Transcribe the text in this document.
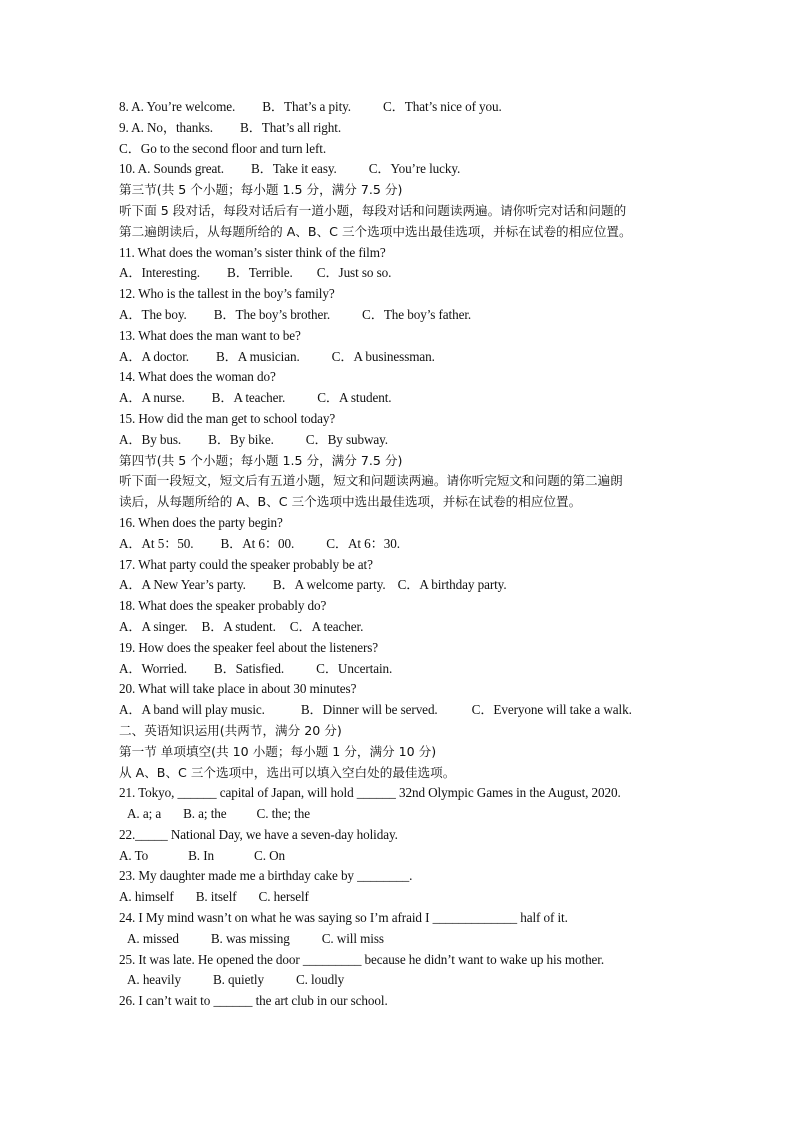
8. A. You’re welcome. B．That’s a pity. C．That’s nice of you.
9. A. No，thanks. B．That’s all right.
C．Go to the second floor and turn left.
10. A. Sounds great. B．Take it easy. C．You’re lucky.
第三节(共 5 个小题；每小题 1.5 分，满分 7.5 分)
听下面 5 段对话，每段对话后有一道小题，每段对话和问题读两遍。请你听完对话和问题的
第二遍朗读后，从每题所给的 A、B、C 三个选项中选出最佳选项，并标在试卷的相应位置。
11. What does the woman’s sister think of the film?
A．Interesting. B．Terrible. C．Just so so.
12. Who is the tallest in the boy’s family?
A．The boy. B．The boy’s brother. C．The boy’s father.
13. What does the man want to be?
A．A doctor. B．A musician. C．A businessman.
14. What does the woman do?
A．A nurse. B．A teacher. C．A student.
15. How did the man get to school today?
A．By bus. B．By bike. C．By subway.
第四节(共 5 个小题；每小题 1.5 分，满分 7.5 分)
听下面一段短文，短文后有五道小题，短文和问题读两遍。请你听完短文和问题的第二遍朗
读后，从每题所给的 A、B、C 三个选项中选出最佳选项，并标在试卷的相应位置。
16. When does the party begin?
A．At 5：50. B．At 6：00. C．At 6：30.
17. What party could the speaker probably be at?
A．A New Year’s party. B．A welcome party. C．A birthday party.
18. What does the speaker probably do?
A．A singer. B．A student. C．A teacher.
19. How does the speaker feel about the listeners?
A．Worried. B．Satisfied. C．Uncertain.
20. What will take place in about 30 minutes?
A．A band will play music.	B．Dinner will be served.	C．Everyone will take a walk.
二、英语知识运用(共两节，满分 20 分)
第一节 单项填空(共 10 小题；每小题 1 分，满分 10 分)
从 A、B、C 三个选项中，选出可以填入空白处的最佳选项。
21. Tokyo, ______ capital of Japan, will hold ______ 32nd Olympic Games in the August, 2020.
A. a; a B. a; the C. the; the
22._____ National Day, we have a seven-day holiday.
A. To	B. In	C. On
23. My daughter made me a birthday cake by ________.
A. himself B. itself C. herself
24. I My mind wasn’t on what he was saying so I’m afraid I _____________ half of it.
A. missed B. was missing C. will miss
25. It was late. He opened the door _________ because he didn’t want to wake up his mother.
A. heavily B. quietly C. loudly
26. I can’t wait to ______ the art club in our school.
